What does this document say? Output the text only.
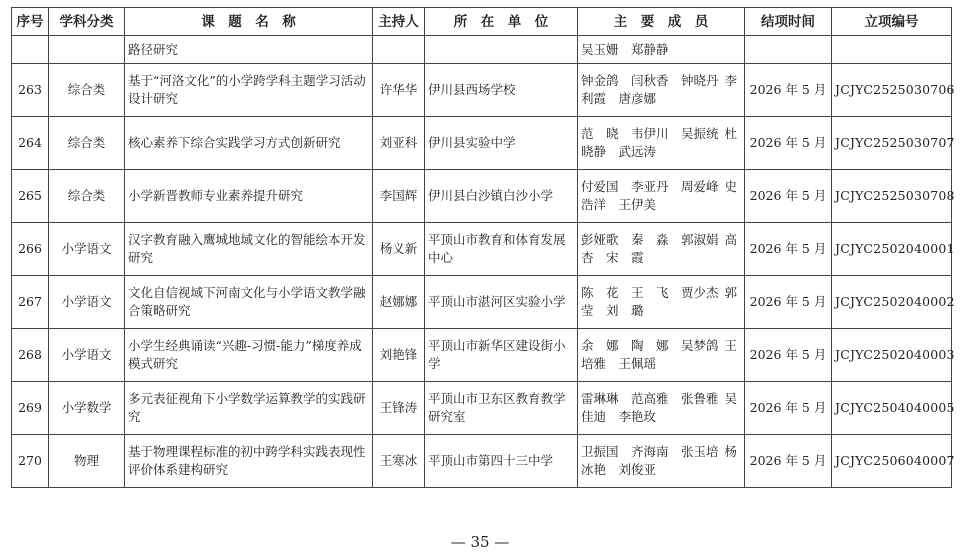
序号	学科分类	课　题　名　称	主持人	所　在　单　位	主　要　成　员	结项时间	立项编号
		路径研究			吴玉姗　郑静静		
263	综合类	基于“河洛文化”的小学跨学科主题学习活动设计研究	许华华	伊川县西场学校	钟金鸽　闫秋香　钟晓丹 李利霞　唐彦娜	2026 年 5 月	JCJYC2525030706
264	综合类	核心素养下综合实践学习方式创新研究	刘亚科	伊川县实验中学	范　晓　韦伊川　吴振统 杜晓静　武远涛	2026 年 5 月	JCJYC2525030707
265	综合类	小学新晋教师专业素养提升研究	李国辉	伊川县白沙镇白沙小学	付爱国　李亚丹　周爱峰 史浩洋　王伊美	2026 年 5 月	JCJYC2525030708
266	小学语文	汉字教育融入鹰城地域文化的智能绘本开发研究	杨义新	平顶山市教育和体育发展中心	彭娅歌　秦　淼　郭淑娟 高　杏　宋　霞	2026 年 5 月	JCJYC2502040001
267	小学语文	文化自信视域下河南文化与小学语文教学融合策略研究	赵娜娜	平顶山市湛河区实验小学	陈　花　王　飞　贾少杰 郭　莹　刘　璐	2026 年 5 月	JCJYC2502040002
268	小学语文	小学生经典诵读“兴趣-习惯-能力”梯度养成模式研究	刘艳锋	平顶山市新华区建设街小学	余　娜　陶　娜　吴梦鸽 王培雅　王佩瑶	2026 年 5 月	JCJYC2502040003
269	小学数学	多元表征视角下小学数学运算教学的实践研究	王锋涛	平顶山市卫东区教育教学研究室	雷琳琳　范高雅　张鲁雅 吴佳迪　李艳玫	2026 年 5 月	JCJYC2504040005
270	物理	基于物理课程标准的初中跨学科实践表现性评价体系建构研究	王寒冰	平顶山市第四十三中学	卫振国　齐海南　张玉培 杨冰艳　刘俊亚	2026 年 5 月	JCJYC2506040007
— 35 —
